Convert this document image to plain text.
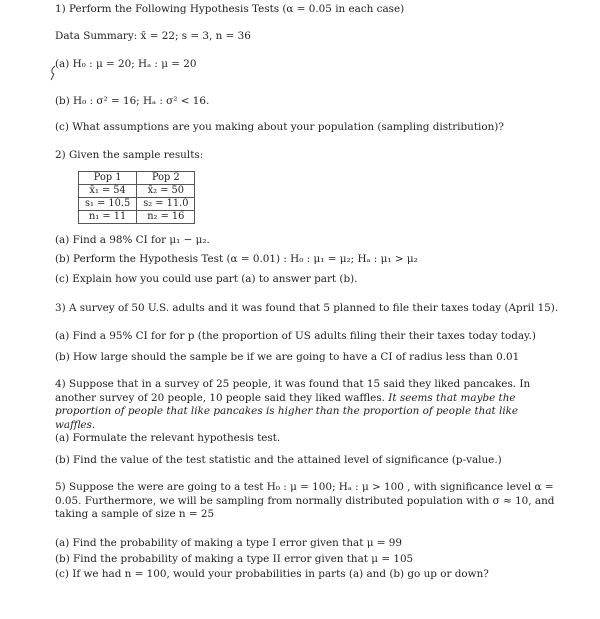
1) Perform the Following Hypothesis Tests (α = 0.05 in each case)
Data Summary: x̄ = 22; s = 3, n = 36
(a) H₀ : μ = 20; Hₐ : μ = 20
(b) H₀ : σ² = 16; Hₐ : σ² < 16.
(c) What assumptions are you making about your population (sampling distribution)?
2) Given the sample results:
Pop 1	Pop 2
x̄₁ = 54	x̄₂ = 50
s₁ = 10.5	s₂ = 11.0
n₁ = 11	n₂ = 16
(a) Find a 98% CI for μ₁ − μ₂.
(b) Perform the Hypothesis Test (α = 0.01) : H₀ : μ₁ = μ₂; Hₐ : μ₁ > μ₂
(c) Explain how you could use part (a) to answer part (b).
3) A survey of 50 U.S. adults and it was found that 5 planned to file their taxes today (April 15).
(a) Find a 95% CI for for p (the proportion of US adults filing their their taxes today today.)
(b) How large should the sample be if we are going to have a CI of radius less than 0.01
4) Suppose that in a survey of 25 people, it was found that 15 said they liked pancakes. In another survey of 20 people, 10 people said they liked waffles. It seems that maybe the proportion of people that like pancakes is higher than the proportion of people that like waffles.
(a) Formulate the relevant hypothesis test.
(b) Find the value of the test statistic and the attained level of significance (p-value.)
5) Suppose the were are going to a test H₀ : μ = 100; Hₐ : μ > 100 , with significance level α = 0.05. Furthermore, we will be sampling from normally distributed population with σ ≈ 10, and taking a sample of size n = 25
(a) Find the probability of making a type I error given that μ = 99
(b) Find the probability of making a type II error given that μ = 105
(c) If we had n = 100, would your probabilities in parts (a) and (b) go up or down?
